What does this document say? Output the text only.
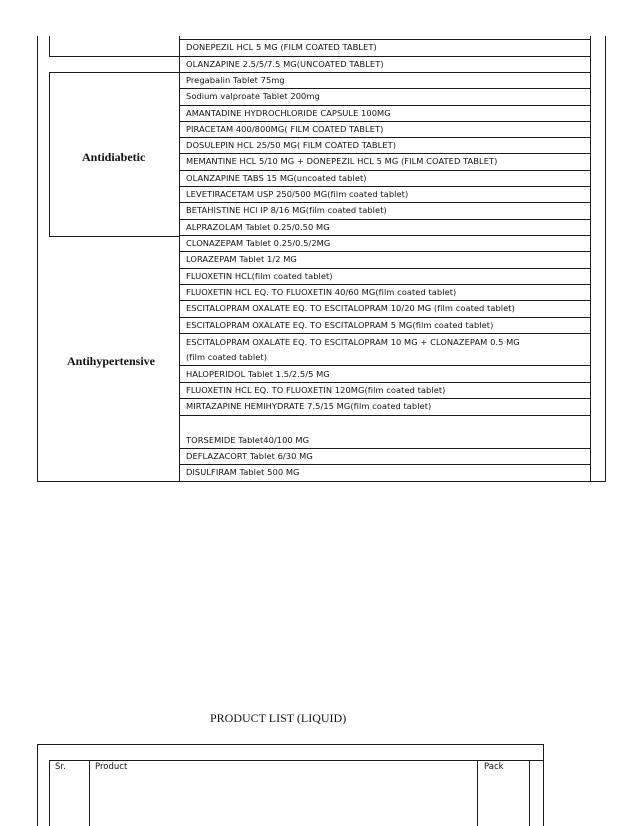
Antidiabetic
Antihypertensive
DONEPEZIL HCL 5 MG (FILM COATED TABLET)
OLANZAPINE 2.5/5/7.5 MG(UNCOATED TABLET)
Pregabalin Tablet 75mg
Sodium valproate Tablet 200mg
AMANTADINE HYDROCHLORIDE CAPSULE 100MG
PIRACETAM 400/800MG( FILM COATED TABLET)
DOSULEPIN HCL 25/50 MG( FILM COATED TABLET)
MEMANTINE HCL 5/10 MG + DONEPEZIL HCL 5 MG (FILM COATED TABLET)
OLANZAPINE TABS 15 MG(uncoated tablet)
LEVETIRACETAM USP 250/500 MG(film coated tablet)
BETAHISTINE HCl IP 8/16 MG(film coated tablet)
ALPRAZOLAM Tablet 0.25/0.50 MG
CLONAZEPAM Tablet 0.25/0.5/2MG
LORAZEPAM Tablet 1/2 MG
FLUOXETIN HCL(film coated tablet)
FLUOXETIN HCL EQ. TO FLUOXETIN 40/60 MG(film coated tablet)
ESCITALOPRAM OXALATE EQ. TO ESCITALOPRAM 10/20 MG (film coated tablet)
ESCITALOPRAM OXALATE EQ. TO ESCITALOPRAM 5 MG(film coated tablet)
ESCITALOPRAM OXALATE EQ. TO ESCITALOPRAM 10 MG + CLONAZEPAM 0.5 MG
(film coated tablet)
HALOPERIDOL Tablet 1.5/2.5/5 MG
FLUOXETIN HCL EQ. TO FLUOXETIN 120MG(film coated tablet)
MIRTAZAPINE HEMIHYDRATE 7.5/15 MG(film coated tablet)
TORSEMIDE Tablet40/100 MG
DEFLAZACORT Tablet 6/30 MG
DISULFIRAM Tablet 500 MG
PRODUCT LIST (LIQUID)
Sr.	Product	Pack
